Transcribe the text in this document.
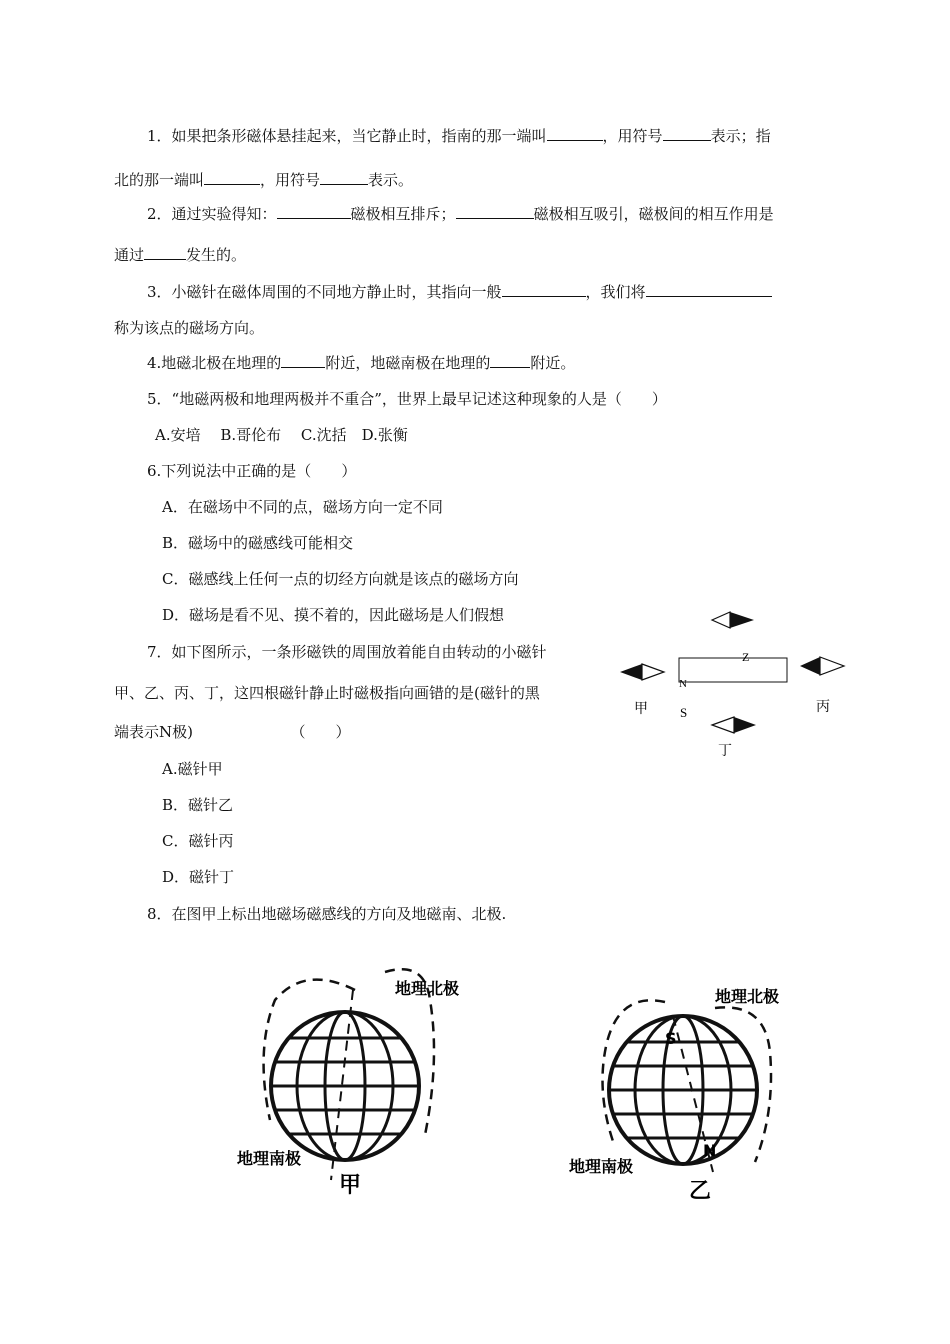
1．如果把条形磁体悬挂起来，当它静止时，指南的那一端叫	，用符号	表示；指
北的那一端叫	，用符号	表示。
2．通过实验得知：	磁极相互排斥；	磁极相互吸引，磁极间的相互作用是
通过	发生的。
3．小磁针在磁体周围的不同地方静止时，其指向一般	，我们将
称为该点的磁场方向。
4.地磁北极在地理的	附近，地磁南极在地理的	附近。
5．“地磁两极和地理两极并不重合”，世界上最早记述这种现象的人是（　　）
A.安培　 B.哥伦布　 C.沈括　D.张衡
6.下列说法中正确的是（　　）
A．在磁场中不同的点，磁场方向一定不同
B．磁场中的磁感线可能相交
C．磁感线上任何一点的切经方向就是该点的磁场方向
D．磁场是看不见、摸不着的，因此磁场是人们假想
7．如下图所示，一条形磁铁的周围放着能自由转动的小磁针
甲、乙、丙、丁，这四根磁针静止时磁极指向画错的是(磁针的黑
端表示N极)　　　　　　　（　　）
A.磁针甲
B．磁针乙
C．磁针丙
D．磁针丁
Z
N
S
甲	丙
丁
8．在图甲上标出地磁场磁感线的方向及地磁南、北极.
地理北极
地理南极
甲
S
N
地理北极
地理南极
乙
